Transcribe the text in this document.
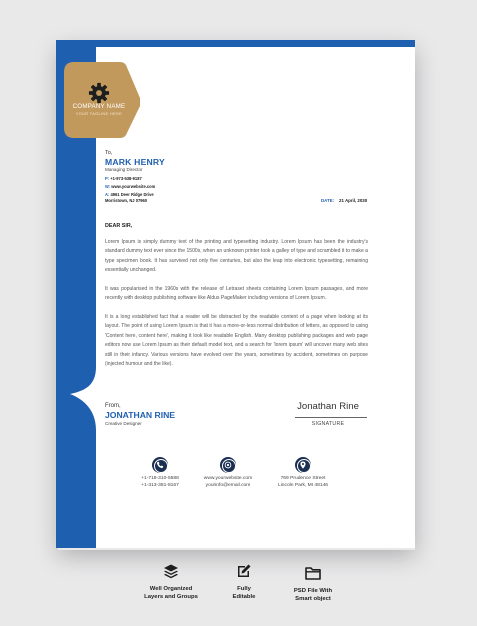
COMPANY NAME
YOUR TAGLINE HERE
To,
MARK HENRY
Managing Director
P: +1-973-538-9187
W: www.yourwebsite.com
A: 4961 Deer Ridge Drive
Morristown, NJ 07960	DATE: 21 April, 2030
DEAR SIR,
Lorem Ipsum is simply dummy text of the printing and typesetting industry. Lorem Ipsum has been the industry's standard dummy text ever since the 1500s, when an unknown printer took a galley of type and scrambled it to make a type specimen book. It has survived not only five centuries, but also the leap into electronic typesetting, remaining essentially unchanged.
It was popularised in the 1960s with the release of Letraset sheets containing Lorem Ipsum passages, and more recently with desktop publishing software like Aldus PageMaker including versions of Lorem Ipsum.
It is a long established fact that a reader will be distracted by the readable content of a page when looking at its layout. The point of using Lorem Ipsum is that it has a more-or-less normal distribution of letters, as opposed to using 'Content here, content here', making it look like readable English. Many desktop publishing packages and web page editors now use Lorem Ipsum as their default model text, and a search for 'lorem ipsum' will uncover many web sites still in their infancy. Various versions have evolved over the years, sometimes by accident, sometimes on purpose (injected humour and the like).
From,
JONATHAN RINE
Creative Designer
Jonathan Rine
SIGNATURE
+1-718-310-5588
+1-313-381-8167
www.yourwebsite.com
yourinfo@email.com
769 Prudence Street
Lincoln Park, MI 48146
Well Organized
Layers and Groups
Fully
Editable
PSD File With
Smart object
